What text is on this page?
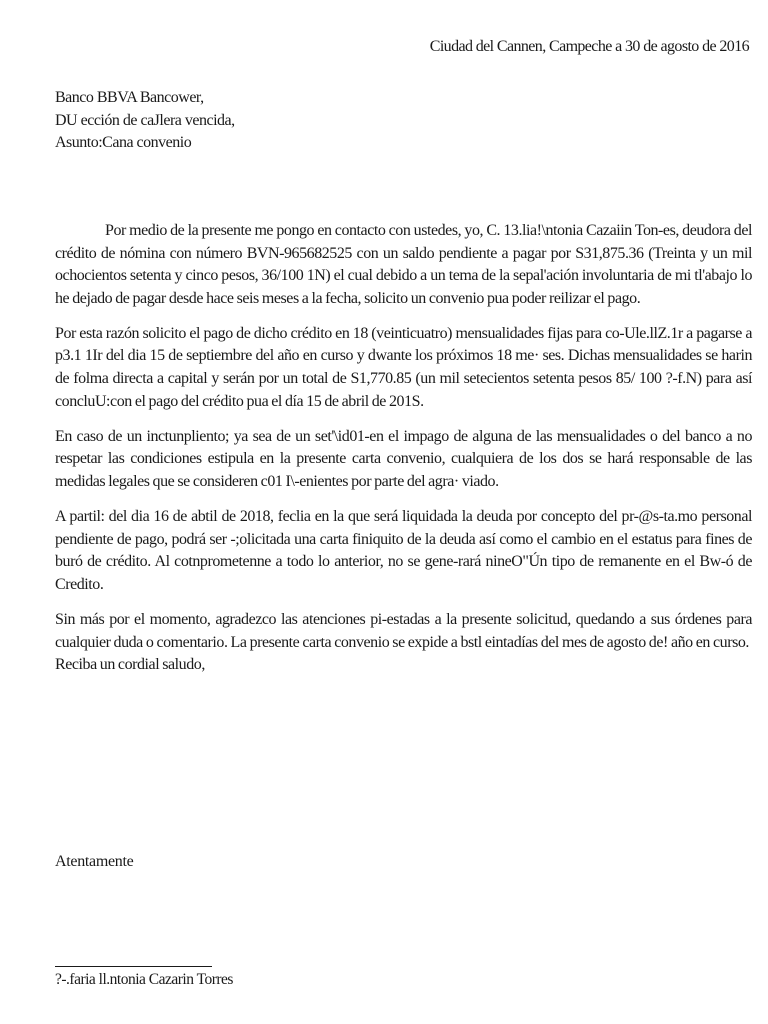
Ciudad del Cannen, Campeche a 30 de agosto de 2016
Banco BBVA Bancower,
DU ección de caJlera vencida,
Asunto:Cana convenio

Por medio de la presente me pongo en contacto con ustedes, yo, C. 13.lia!\ntonia Cazaiin Ton-es, deudora del crédito de nómina con número BVN-965682525 con un saldo pendiente a pagar por S31,875.36 (Treinta y un mil ochocientos setenta y cinco pesos, 36/100 1N) el cual debido a un tema de la sepal'ación involuntaria de mi tl'abajo lo he dejado de pagar desde hace seis meses a la fecha, solicito un convenio pua poder reilizar el pago.

Por esta razón solicito el pago de dicho crédito en 18 (veinticuatro) mensualidades fijas para co-Ule.llZ.1r a pagarse a p3.1 1Ir del dia 15 de septiembre del año en curso y dwante los próximos 18 me· ses. Dichas mensualidades se harin de folma directa a capital y serán por un total de S1,770.85 (un mil setecientos setenta pesos 85/ 100 ?-f.N) para así concluU:con el pago del crédito pua el día 15 de abril de 201S.

En caso de un inctunpliento; ya sea de un set'\id01-en el impago de alguna de las mensualidades o del banco a no respetar las condiciones estipula en la presente carta convenio, cualquiera de los dos se hará responsable de las medidas legales que se consideren c01 I\-enientes por parte del agra· viado.

A partil: del dia 16 de abtil de 2018, feclia en la que será liquidada la deuda por concepto del pr-@s-ta.mo personal pendiente de pago, podrá ser -;olicitada una carta finiquito de la deuda así como el cambio en el estatus para fines de buró de crédito. Al cotnprometenne a todo lo anterior, no se gene-rará nineO"Ún tipo de remanente en el Bw-ó de Credito.

Sin más por el momento, agradezco las atenciones pi-estadas a la presente solicitud, quedando a sus órdenes para cualquier duda o comentario. La presente carta convenio se expide a bstl eintadías del mes de agosto de! año en curso.

Reciba un cordial saludo,
Atentamente
?-.faria ll.ntonia Cazarin Torres
